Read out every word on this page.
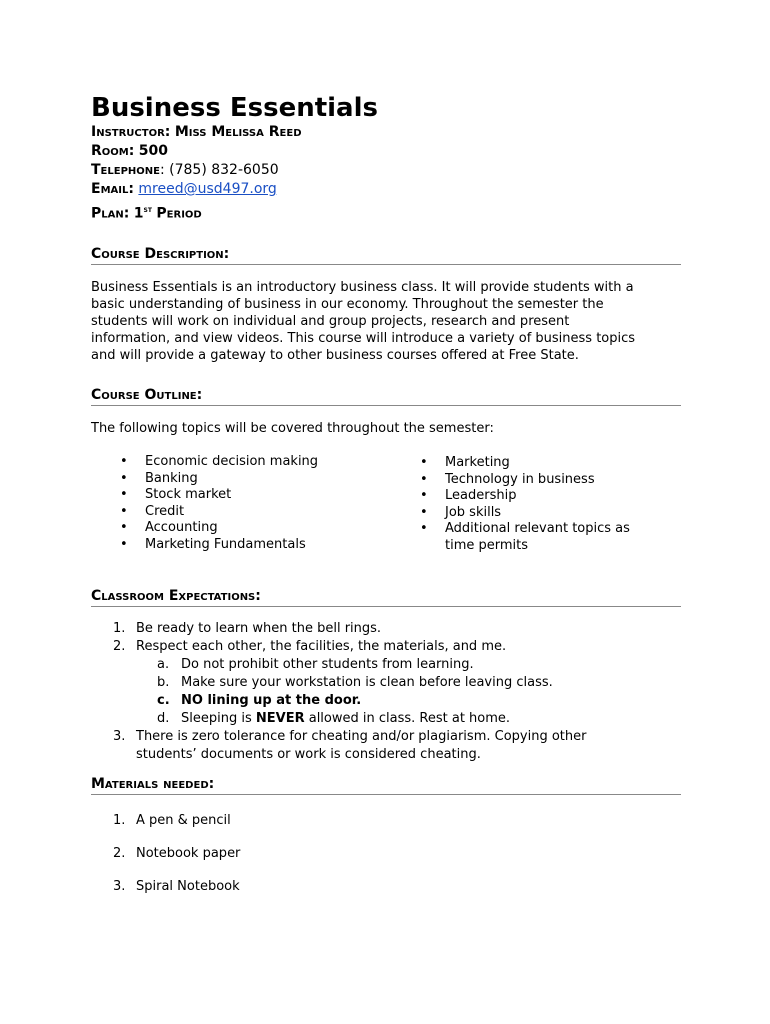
Business Essentials
Instructor: Miss Melissa Reed
Room: 500
Telephone: (785) 832-6050
Email: mreed@usd497.org
Plan: 1st Period
Course Description:
Business Essentials is an introductory business class. It will provide students with a
basic understanding of business in our economy. Throughout the semester the
students will work on individual and group projects, research and present
information, and view videos. This course will introduce a variety of business topics
and will provide a gateway to other business courses offered at Free State.
Course Outline:
The following topics will be covered throughout the semester:
• Economic decision making
• Banking
• Stock market
• Credit
• Accounting
• Marketing Fundamentals
• Marketing
• Technology in business
• Leadership
• Job skills
• Additional relevant topics as
time permits
Classroom Expectations:
1. Be ready to learn when the bell rings.
2. Respect each other, the facilities, the materials, and me.
a. Do not prohibit other students from learning.
b. Make sure your workstation is clean before leaving class.
c. NO lining up at the door.
d. Sleeping is NEVER allowed in class. Rest at home.
3. There is zero tolerance for cheating and/or plagiarism. Copying other
students’ documents or work is considered cheating.
Materials needed:
1. A pen & pencil
2. Notebook paper
3. Spiral Notebook
